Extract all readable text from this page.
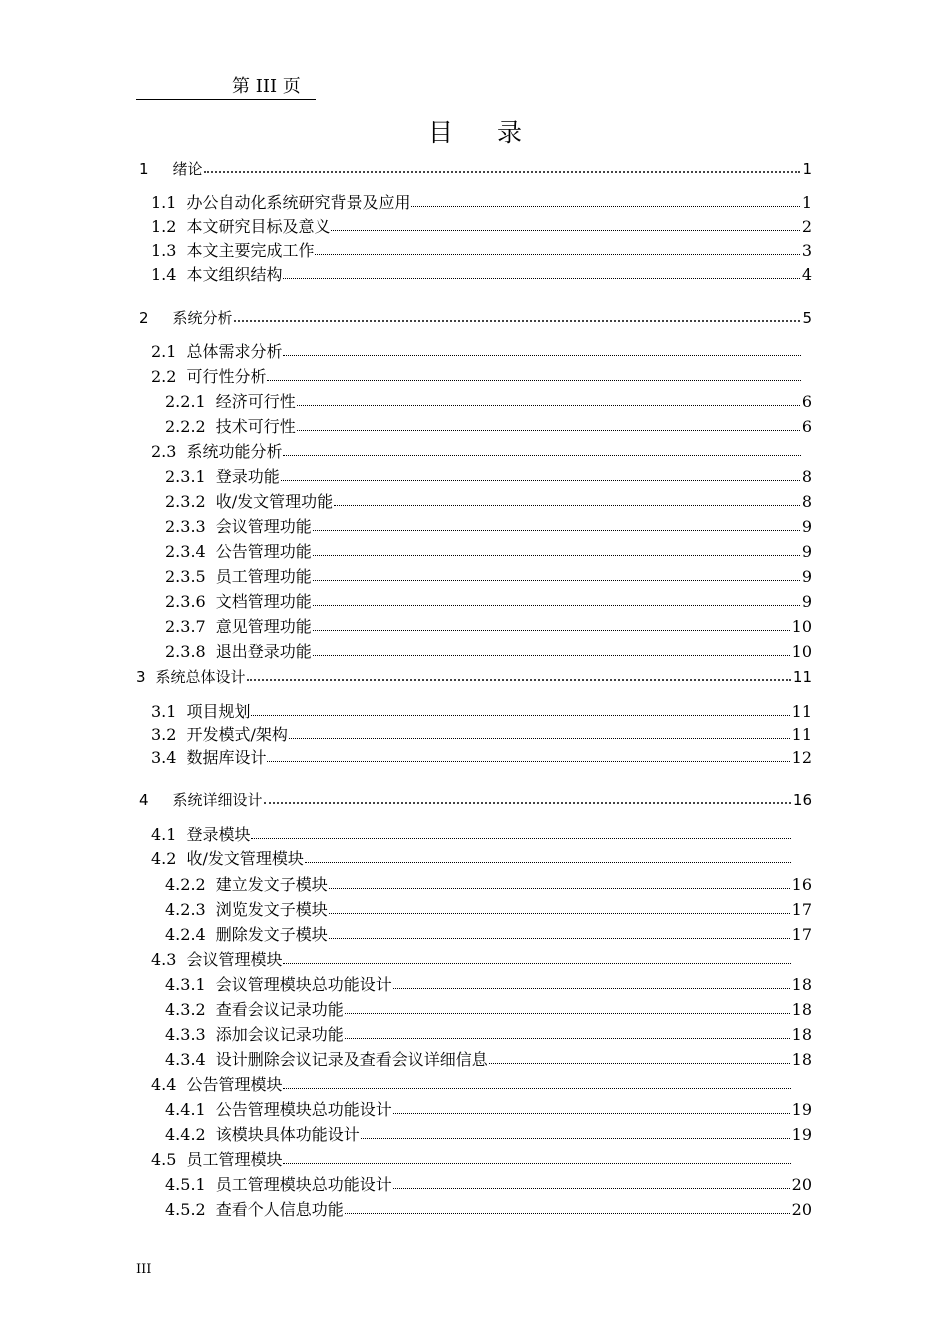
第 III 页
目录
1 绪论	1
1.1 办公自动化系统研究背景及应用	1
1.2 本文研究目标及意义	2
1.3 本文主要完成工作	3
1.4 本文组织结构	4
2 系统分析	5
2.1 总体需求分析
2.2 可行性分析
2.2.1 经济可行性	6
2.2.2 技术可行性	6
2.3 系统功能分析
2.3.1 登录功能	8
2.3.2 收/发文管理功能	8
2.3.3 会议管理功能	9
2.3.4 公告管理功能	9
2.3.5 员工管理功能	9
2.3.6 文档管理功能	9
2.3.7 意见管理功能	10
2.3.8 退出登录功能	10
3 系统总体设计	11
3.1 项目规划	11
3.2 开发模式/架构	11
3.4 数据库设计	12
4 系统详细设计	16
4.1 登录模块
4.2 收/发文管理模块
4.2.2 建立发文子模块	16
4.2.3 浏览发文子模块	17
4.2.4 删除发文子模块	17
4.3 会议管理模块
4.3.1 会议管理模块总功能设计	18
4.3.2 查看会议记录功能	18
4.3.3 添加会议记录功能	18
4.3.4 设计删除会议记录及查看会议详细信息	18
4.4 公告管理模块
4.4.1 公告管理模块总功能设计	19
4.4.2 该模块具体功能设计	19
4.5 员工管理模块
4.5.1 员工管理模块总功能设计	20
4.5.2 查看个人信息功能	20
III
